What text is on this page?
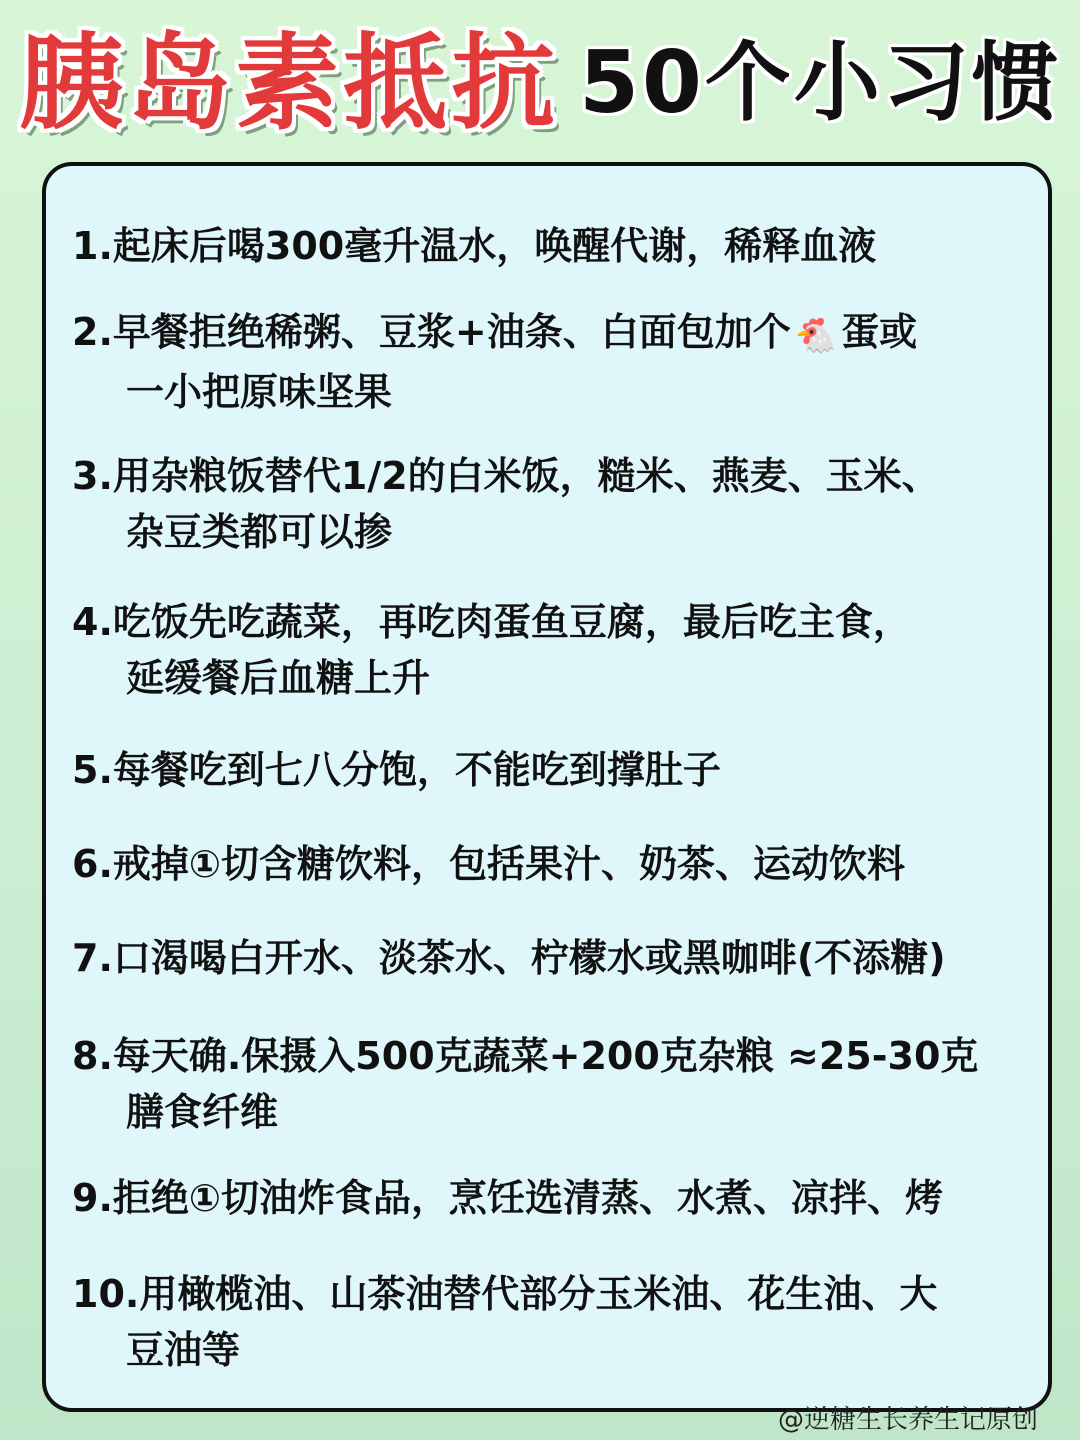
胰岛素抵抗 50个小习惯
1.起床后喝300毫升温水，唤醒代谢，稀释血液
2.早餐拒绝稀粥、豆浆+油条、白面包加个 🐔 蛋或
一小把原味坚果
3.用杂粮饭替代1/2的白米饭，糙米、燕麦、玉米、
杂豆类都可以掺
4.吃饭先吃蔬菜，再吃肉蛋鱼豆腐，最后吃主食，
延缓餐后血糖上升
5.每餐吃到七八分饱，不能吃到撑肚子
6.戒掉①切含糖饮料，包括果汁、奶茶、运动饮料
7.口渴喝白开水、淡茶水、柠檬水或黑咖啡(不添糖)
8.每天确.保摄入500克蔬菜+200克杂粮 ≈25-30克
膳食纤维
9.拒绝①切油炸食品，烹饪选清蒸、水煮、凉拌、烤
10.用橄榄油、山茶油替代部分玉米油、花生油、大
豆油等
@逆糖生长养生记原创
